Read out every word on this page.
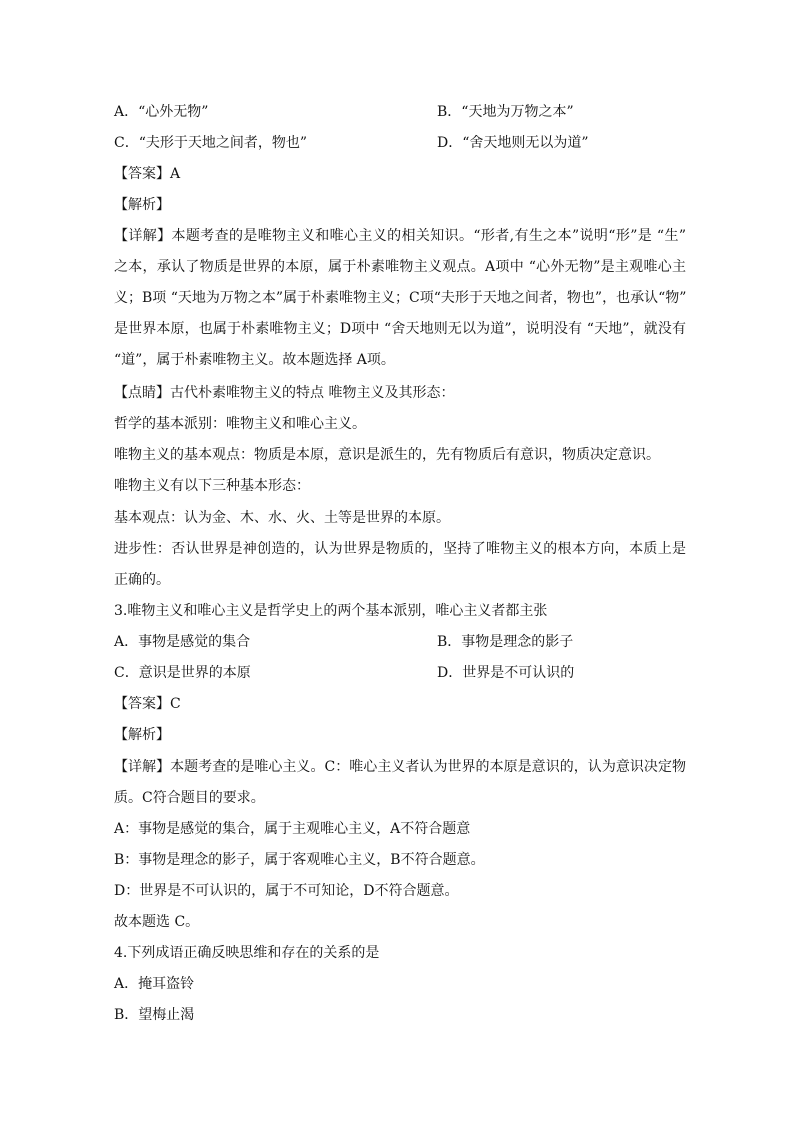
A．“心外无物”	B．“天地为万物之本”
C．“夫形于天地之间者，物也”	D．“舍天地则无以为道”
【答案】A
【解析】
【详解】本题考查的是唯物主义和唯心主义的相关知识。“形者,有生之本”说明“形”是 “生”
之本，承认了物质是世界的本原，属于朴素唯物主义观点。A项中 “心外无物”是主观唯心主
义；B项 “天地为万物之本”属于朴素唯物主义；C项“夫形于天地之间者，物也”，也承认“物”
是世界本原，也属于朴素唯物主义；D项中 “舍天地则无以为道”，说明没有 “天地”，就没有
“道”，属于朴素唯物主义。故本题选择 A项。
【点睛】古代朴素唯物主义的特点 唯物主义及其形态：
哲学的基本派别：唯物主义和唯心主义。
唯物主义的基本观点：物质是本原，意识是派生的，先有物质后有意识，物质决定意识。
唯物主义有以下三种基本形态：
基本观点：认为金、木、水、火、土等是世界的本原。
进步性：否认世界是神创造的，认为世界是物质的，坚持了唯物主义的根本方向，本质上是
正确的。
3.唯物主义和唯心主义是哲学史上的两个基本派别，唯心主义者都主张
A．事物是感觉的集合	B．事物是理念的影子
C．意识是世界的本原	D．世界是不可认识的
【答案】C
【解析】
【详解】本题考查的是唯心主义。C：唯心主义者认为世界的本原是意识的，认为意识决定物
质。C符合题目的要求。
A：事物是感觉的集合，属于主观唯心主义，A不符合题意
B：事物是理念的影子，属于客观唯心主义，B不符合题意。
D：世界是不可认识的，属于不可知论，D不符合题意。
故本题选 C。
4.下列成语正确反映思维和存在的关系的是
A．掩耳盗铃
B．望梅止渴
